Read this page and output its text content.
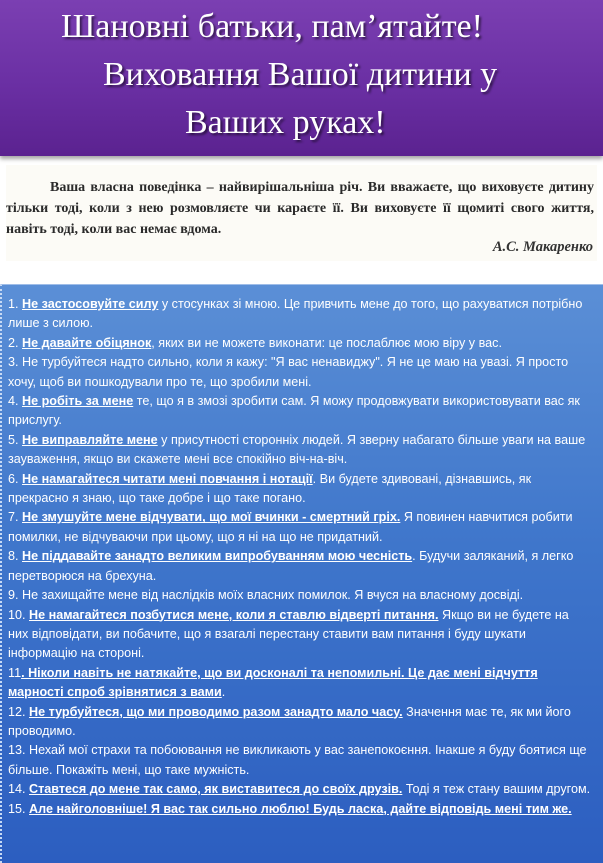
Шановні батьки, пам’ятайте!
Виховання Вашої дитини у
Ваших руках!
Ваша власна поведінка – найвирішальніша річ. Ви вважаєте, що виховуєте дитину тільки тоді, коли з нею розмовляєте чи караєте її. Ви виховуєте її щомиті свого життя, навіть тоді, коли вас немає вдома.
А.С. Макаренко
1. Не застосовуйте силу у стосунках зі мною. Це привчить мене до того, що рахуватися потрібно лише з силою.
2. Не давайте обіцянок, яких ви не можете виконати: це послаблює мою віру у вас.
3. Не турбуйтеся надто сильно, коли я кажу: "Я вас ненавиджу". Я не це маю на увазі. Я просто хочу, щоб ви пошкодували про те, що зробили мені.
4. Не робіть за мене те, що я в змозі зробити сам. Я можу продовжувати використовувати вас як прислугу.
5. Не виправляйте мене у присутності сторонніх людей. Я зверну набагато більше уваги на ваше зауваження, якщо ви скажете мені все спокійно віч-на-віч.
6. Не намагайтеся читати мені повчання і нотації. Ви будете здивовані, дізнавшись, як прекрасно я знаю, що таке добре і що таке погано.
7. Не змушуйте мене відчувати, що мої вчинки - смертний гріх. Я повинен навчитися робити помилки, не відчуваючи при цьому, що я ні на що не придатний.
8. Не піддавайте занадто великим випробуванням мою чесність. Будучи заляканий, я легко перетворюся на брехуна.
9. Не захищайте мене від наслідків моїх власних помилок. Я вчуся на власному досвіді.
10. Не намагайтеся позбутися мене, коли я ставлю відверті питання. Якщо ви не будете на них відповідати, ви побачите, що я взагалі перестану ставити вам питання і буду шукати інформацію на стороні.
11. Ніколи навіть не натякайте, що ви досконалі та непомильні. Це дає мені відчуття марності спроб зрівнятися з вами.
12. Не турбуйтеся, що ми проводимо разом занадто мало часу. Значення має те, як ми його проводимо.
13. Нехай мої страхи та побоювання не викликають у вас занепокоєння. Інакше я буду боятися ще більше. Покажіть мені, що таке мужність.
14. Ставтеся до мене так само, як виставитеся до своїх друзів. Тоді я теж стану вашим другом.
15. Але найголовніше! Я вас так сильно люблю! Будь ласка, дайте відповідь мені тим же.
